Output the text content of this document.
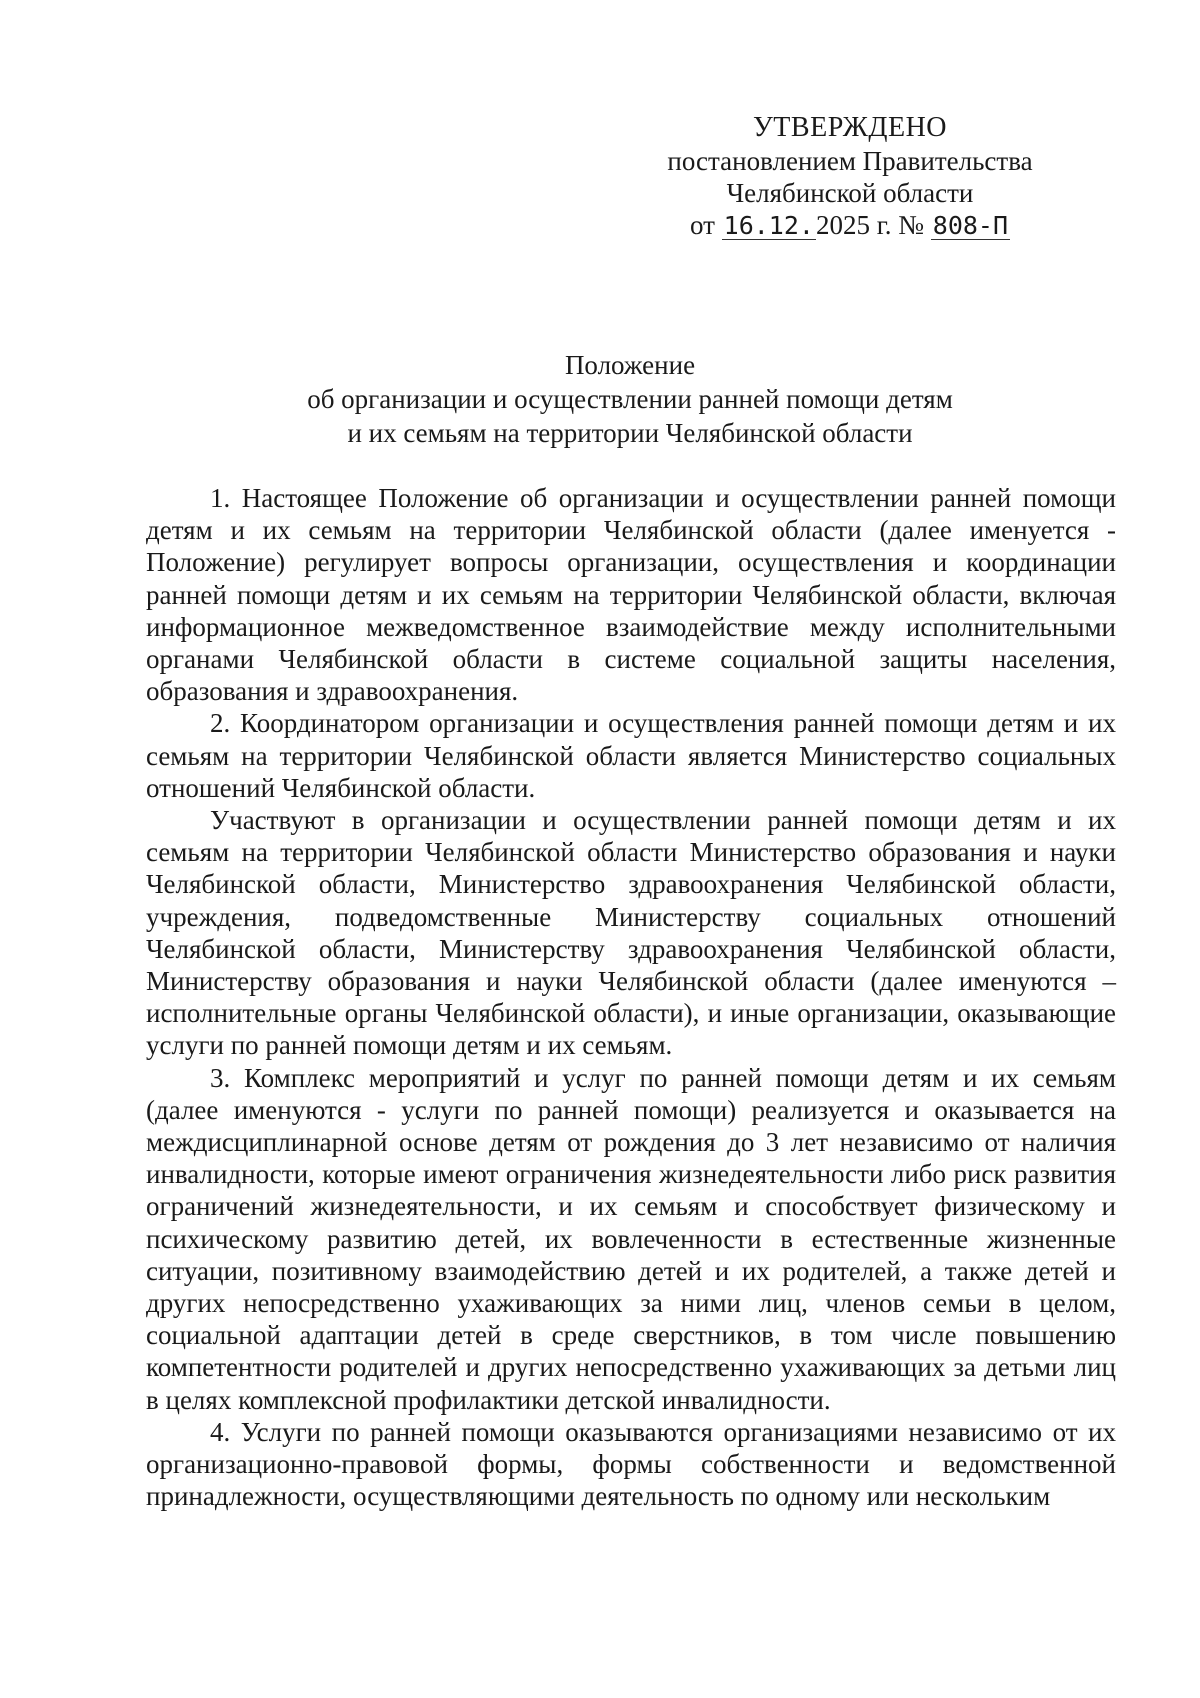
УТВЕРЖДЕНО
постановлением Правительства
Челябинской области
от 16.12.2025 г. № 808-П
Положение
об организации и осуществлении ранней помощи детям
и их семьям на территории Челябинской области

1. Настоящее Положение об организации и осуществлении ранней помощи детям и их семьям на территории Челябинской области (далее именуется - Положение) регулирует вопросы организации, осуществления и координации ранней помощи детям и их семьям на территории Челябинской области, включая информационное межведомственное взаимодействие между исполнительными органами Челябинской области в системе социальной защиты населения, образования и здравоохранения.

2. Координатором организации и осуществления ранней помощи детям и их семьям на территории Челябинской области является Министерство социальных отношений Челябинской области.

Участвуют в организации и осуществлении ранней помощи детям и их семьям на территории Челябинской области Министерство образования и науки Челябинской области, Министерство здравоохранения Челябинской области, учреждения, подведомственные Министерству социальных отношений Челябинской области, Министерству здравоохранения Челябинской области, Министерству образования и науки Челябинской области (далее именуются – исполнительные органы Челябинской области), и иные организации, оказывающие услуги по ранней помощи детям и их семьям.

3. Комплекс мероприятий и услуг по ранней помощи детям и их семьям (далее именуются - услуги по ранней помощи) реализуется и оказывается на междисциплинарной основе детям от рождения до 3 лет независимо от наличия инвалидности, которые имеют ограничения жизнедеятельности либо риск развития ограничений жизнедеятельности, и их семьям и способствует физическому и психическому развитию детей, их вовлеченности в естественные жизненные ситуации, позитивному взаимодействию детей и их родителей, а также детей и других непосредственно ухаживающих за ними лиц, членов семьи в целом, социальной адаптации детей в среде сверстников, в том числе повышению компетентности родителей и других непосредственно ухаживающих за детьми лиц в целях комплексной профилактики детской инвалидности.

4. Услуги по ранней помощи оказываются организациями независимо от их организационно-правовой формы, формы собственности и ведомственной принадлежности, осуществляющими деятельность по одному или нескольким
